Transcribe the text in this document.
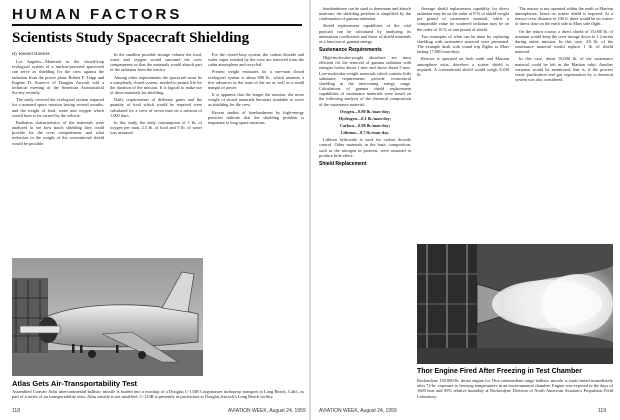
HUMAN FACTORS
Scientists Study Spacecraft Shielding

By Russell Hawkes

Los Angeles—Materials in the closed-loop ecological system of a nuclear-powered spacecraft can serve as shielding for the crew against the radiation from the power plant. Robert F. Trapp and Eugene D. Konecci of Douglas Aircraft told a technical meeting of the American Astronautical Society recently.

The study covered the ecological system required for a manned space mission lasting several months, and the weight of food, water and oxygen which would have to be carried by the vehicle.

Radiation characteristics of the materials were analyzed to see how much shielding they could provide for the crew compartment, and what reduction in the weight of the conventional shield would be possible.

In the smallest possible storage volume the food, water and oxygen would surround the crew compartment so that the materials would absorb part of the radiation from the reactor.

Among other requirements the spacecraft must be a completely closed system, needed to permit life for the duration of the mission. It is logical to make use of these materials for shielding.

Daily requirements of different gases and the quantity of food which would be required were calculated for a crew of seven men on a mission of 1,000 days.

In this study, the daily consumption of 1 lb. of oxygen per man, 2.3 lb. of food and 5 lb. of water was assumed.

For the closed-loop system, the carbon dioxide and water vapor exhaled by the crew are removed from the cabin atmosphere and recycled.

Present weight estimates for a one-man closed ecological system is about 690 lb., which assumes a few advances in the state of the art as well as a small margin of power.

It is apparent that the longer the mission, the more weight of stored materials becomes available to serve as shielding for the crew.

Recent studies of bombardment by high-energy particles indicate that the shielding problem is important to long space missions.

Atlas Gets Air-Transportability Test
Assembled Convair Atlas intercontinental ballistic missile is loaded into a mockup of a Douglas C-133B Cargomaster turboprop transport at Long Beach, Calif., as part of a series of air transportability tests. Atlas missile is not modified. C-133B is presently in production at Douglas Aircraft's Long Beach facility.
118	AVIATION WEEK, August 24, 1959

bombardment can be used to determine and absorb neutrons; the shielding problem is simplified by the combination of gamma radiation.

Shield replacement capabilities of the vital payload can be calculated by analyzing its attenuation coefficients and those of shield materials as a function of gamma energy.

Sustenance Requirements

High-molecular-weight absorbers are most efficient for the removal of gamma radiation with energies below about 1 mev and above about 5 mev. Low-molecular-weight materials which contain little substance requirements provide economical shielding in the intervening energy range. Calculations of gamma shield replacement capabilities of sustenance materials were based on the following analysis of the chemical composition of the sustenance material:

Oxygen—0.80 lb./man-day;

Hydrogen—0.1 lb./man-day;

Carbon—0.08 lb./man-day;

Lithium—0.7 lb./man-day.

Lithium hydroxide is used for carbon dioxide control. Other materials in the basic composition, such as the nitrogen in proteins, were assumed to produce little effect.

Shield Replacement

Average shield replacement capability for direct radiation may be on the order of 8 % of shield weight per pound of sustenance material, while a comparable value for scattered radiation may be on the order of 10 % of one pound of shield.

Two examples of what can be done by replacing shielding with sustenance material were presented. The example dealt with round trip flights to Mars lasting 17,000 man-days.

Reactor is operated on both earth and Martian atmosphere exits, therefore a scatter shield is required. A conventional shield would weigh 8,430 lb.

The reactor is not operated within the earth or Martian atmospheres; hence no scatter shield is required. At a reactor-crew distance of 100 ft. there would be no scatter or direct dose on the earth side to Mars side flight.

On the return course, a direct shield of 15,000 lb. of uranium would keep the crew dosage down to 1.2 mrem during entire mission. In this case, 4.6 lb. of the sustenance material would replace 1 lb. of shield material.

In this case, about 10,000 lb. of the sustenance material could be left in the Martian orbit. Another variation would be mentioned; that is, if the process waste purification and gas regeneration by a chemical system was also considered.

Thor Engine Fired After Freezing in Test Chamber
Rocketdyne 150,000-lb. thrust engine for Thor intermediate range ballistic missile is static-tested immediately after 72-hr. exposure to freezing temperatures in an environmental chamber. Engine was exposed to the days of 1600 heat and 95% relative humidity at Rocketdyne Division of North American Aviation's Propulsion Field Laboratory.
AVIATION WEEK, August 24, 1959	119
